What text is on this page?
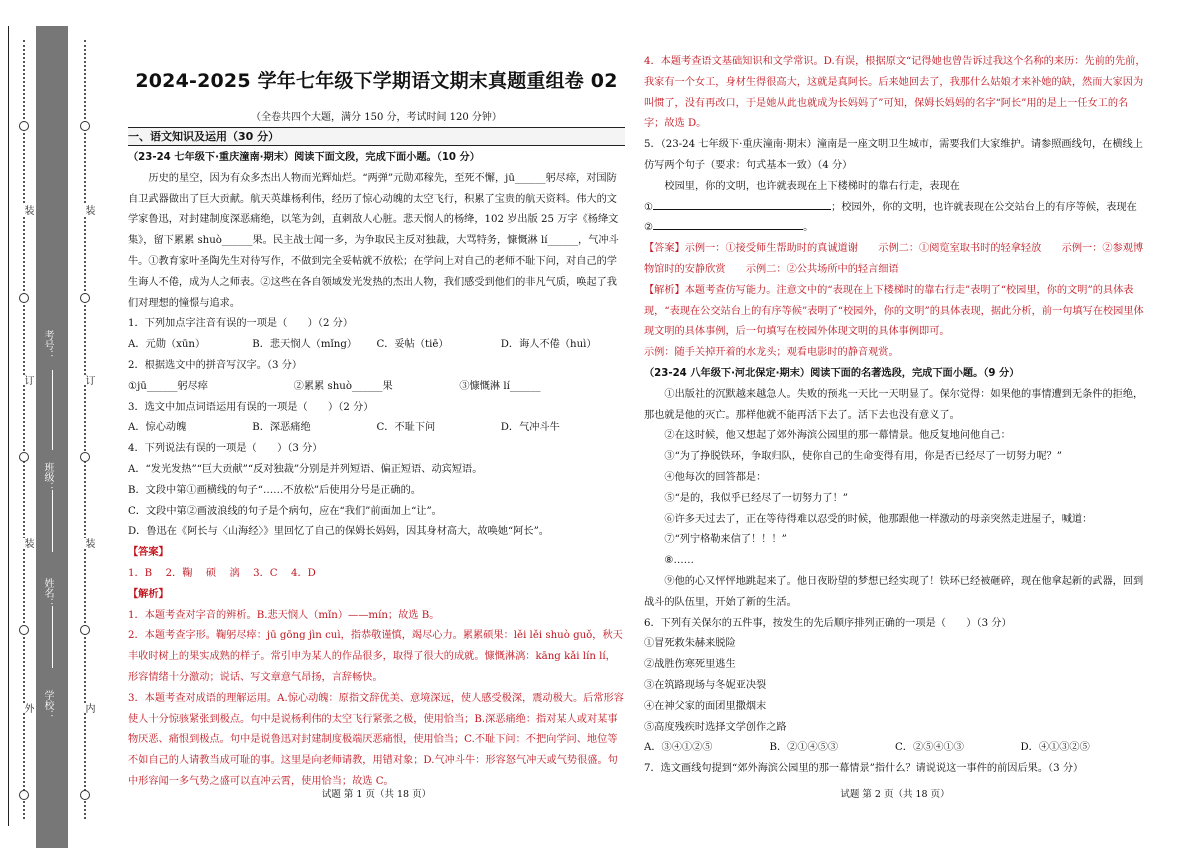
装
订
装
外
装
订
装
内
考号：
班级：
姓名：
学校：
2024-2025 学年七年级下学期语文期末真题重组卷 02
（全卷共四个大题，满分 150 分，考试时间 120 分钟）
一、语文知识及运用（30 分）

（23-24 七年级下·重庆潼南·期末）阅读下面文段，完成下面小题。（10 分）

历史的星空，因为有众多杰出人物而光辉灿烂。“两弹”元勋邓稼先，至死不懈，jū______躬尽瘁，对国防自卫武器做出了巨大贡献。航天英雄杨利伟，经历了惊心动魄的太空飞行，积累了宝贵的航天资料。伟大的文学家鲁迅，对封建制度深恶痛绝，以笔为剑，直刺敌人心脏。悲天悯人的杨绛，102 岁出版 25 万字《杨绛文集》，留下累累 shuò______果。民主战士闻一多，为争取民主反对独裁，大骂特务，慷慨淋 lí______，气冲斗牛。①教育家叶圣陶先生对待写作，不做到完全妥帖就不放松；在学问上对自己的老师不耻下问，对自己的学生诲人不倦，成为人之师表。②这些在各自领域发光发热的杰出人物，我们感受到他们的非凡气质，唤起了我们对理想的憧憬与追求。

1．下列加点字注音有误的一项是（　　）（2 分）

A．元勋（xūn）	B．悲天悯人（mǐng）	C．妥帖（tiē）	D．诲人不倦（huì）

2．根据选文中的拼音写汉字。（3 分）

①jū______躬尽瘁	②累累 shuò______果	③慷慨淋 lí______

3．选文中加点词语运用有误的一项是（　　）（2 分）

A．惊心动魄	B．深恶痛绝	C．不耻下问	D．气冲斗牛

4．下列说法有误的一项是（　　）（3 分）

A．“发光发热”“巨大贡献”“反对独裁”分别是并列短语、偏正短语、动宾短语。

B．文段中第①画横线的句子“……不放松”后使用分号是正确的。

C．文段中第②画波浪线的句子是个病句，应在“我们”前面加上“让”。

D．鲁迅在《阿长与〈山海经〉》里回忆了自己的保姆长妈妈，因其身材高大，故唤她“阿长”。

【答案】

1．B　 2．鞠　 硕　 漓　 3．C　 4．D

【解析】

1．本题考查对字音的辨析。B.悲天悯人（mǐn）——mín；故选 B。

2．本题考查字形。鞠躬尽瘁：jū gōng jìn cuì，指恭敬谨慎，竭尽心力。累累硕果：lěi lěi shuò guǒ，秋天丰收时树上的果实成熟的样子。常引申为某人的作品很多，取得了很大的成就。慷慨淋漓：kāng kǎi lín lí，形容情绪十分激动；说话、写文章意气昂扬，言辞畅快。

3．本题考查对成语的理解运用。A.惊心动魄：原指文辞优美、意境深远，使人感受极深，震动极大。后常形容使人十分惊骇紧张到极点。句中是说杨利伟的太空飞行紧张之极，使用恰当；B.深恶痛绝：指对某人或对某事物厌恶、痛恨到极点。句中是说鲁迅对封建制度极端厌恶痛恨，使用恰当；C.不耻下问：不把向学问、地位等不如自己的人请教当成可耻的事。这里是向老师请教，用错对象；D.气冲斗牛：形容怒气冲天或气势很盛。句中形容闻一多气势之盛可以直冲云霄，使用恰当；故选 C。

试题 第 1 页（共 18 页）

4．本题考查语文基础知识和文学常识。D.有误，根据原文“记得她也曾告诉过我这个名称的来历：先前的先前，我家有一个女工，身材生得很高大，这就是真阿长。后来她回去了，我那什么姑娘才来补她的缺，然而大家因为叫惯了，没有再改口，于是她从此也就成为长妈妈了”可知，保姆长妈妈的名字“阿长”用的是上一任女工的名字；故选 D。

5．（23-24 七年级下·重庆潼南·期末）潼南是一座文明卫生城市，需要我们大家维护。请参照画线句，在横线上仿写两个句子（要求：句式基本一致）（4 分）

校园里，你的文明，也许就表现在上下楼梯时的靠右行走，表现在

①	；校园外，你的文明，也许就表现在公交站台上的有序等候，表现在

②	。

【答案】示例一：①接受师生帮助时的真诚道谢　　示例二：①阅览室取书时的轻拿轻放　　示例一：②参观博物馆时的安静欣赏　　示例二：②公共场所中的轻言细语

【解析】本题考查仿写能力。注意文中的“表现在上下楼梯时的靠右行走”表明了“校园里，你的文明”的具体表现，“表现在公交站台上的有序等候”表明了“校园外，你的文明”的具体表现，据此分析，前一句填写在校园里体现文明的具体事例，后一句填写在校园外体现文明的具体事例即可。

示例：随手关掉开着的水龙头；观看电影时的静音观赏。

（23-24 八年级下·河北保定·期末）阅读下面的名著选段，完成下面小题。（9 分）

①出版社的沉默越来越急人。失败的预兆一天比一天明显了。保尔觉得：如果他的事情遭到无条件的拒绝，那也就是他的灭亡。那样他就不能再活下去了。活下去也没有意义了。

②在这时候，他又想起了郊外海滨公园里的那一幕情景。他反复地问他自己：

③“为了挣脱铁环，争取归队，使你自己的生命变得有用，你是否已经尽了一切努力呢？”

④他每次的回答都是：

⑤“是的，我似乎已经尽了一切努力了！”

⑥许多天过去了，正在等待得难以忍受的时候，他那跟他一样激动的母亲突然走进屋子，喊道：

⑦“列宁格勒来信了！！！”

⑧……

⑨他的心又怦怦地跳起来了。他日夜盼望的梦想已经实现了！铁环已经被砸碎，现在他拿起新的武器，回到战斗的队伍里，开始了新的生活。

6．下列有关保尔的五件事，按发生的先后顺序排列正确的一项是（　　）（3 分）

①冒死救朱赫来脱险

②战胜伤寒死里逃生

③在筑路现场与冬妮亚决裂

④在神父家的面团里撒烟末

⑤高度残疾时选择文学创作之路

A．③④①②⑤	B．②①④⑤③	C．②⑤④①③	D．④①③②⑤

7．选文画线句提到“郊外海滨公园里的那一幕情景”指什么？请说说这一事件的前因后果。（3 分）

试题 第 2 页（共 18 页）
